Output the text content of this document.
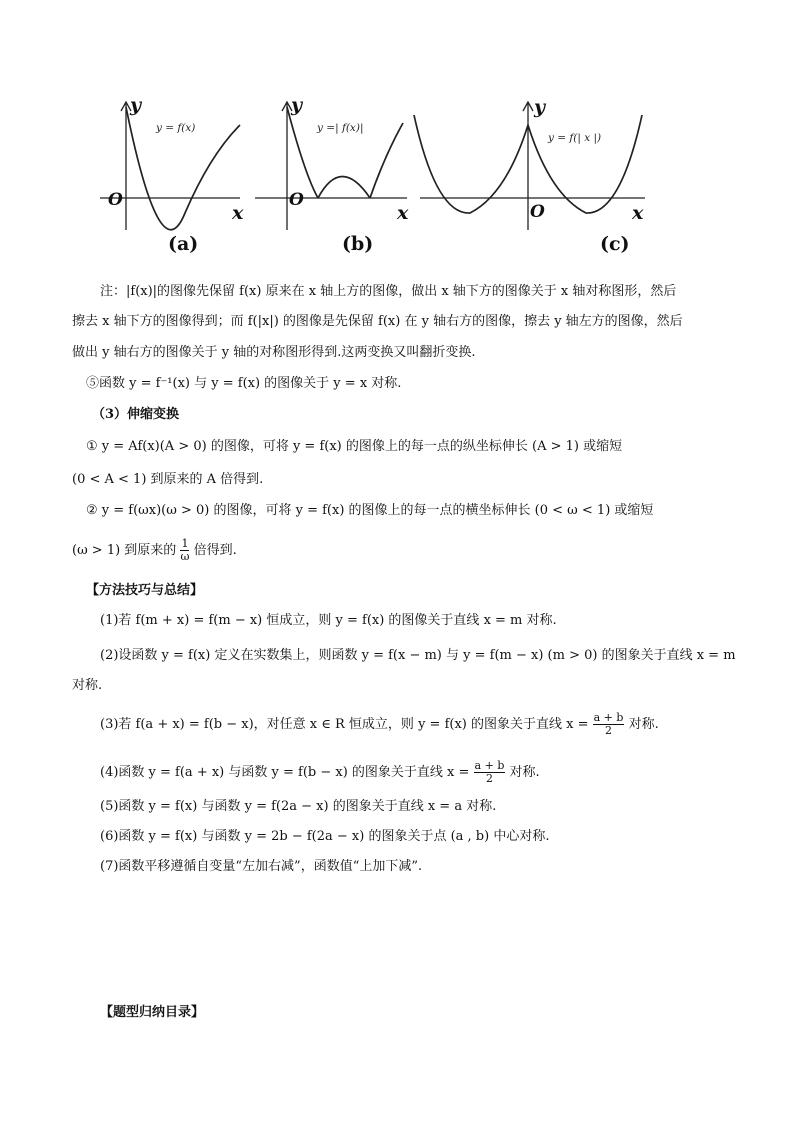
y
x
O
y = f(x)
(a)
y
x
O
y =| f(x)|
(b)
y
x
O
y = f(| x |)
(c)
注：|f(x)|的图像先保留 f(x) 原来在 x 轴上方的图像，做出 x 轴下方的图像关于 x 轴对称图形，然后
擦去 x 轴下方的图像得到；而 f(|x|) 的图像是先保留 f(x) 在 y 轴右方的图像，擦去 y 轴左方的图像，然后
做出 y 轴右方的图像关于 y 轴的对称图形得到.这两变换又叫翻折变换.
⑤函数 y = f⁻¹(x) 与 y = f(x) 的图像关于 y = x 对称.
（3）伸缩变换
① y = Af(x)(A > 0) 的图像，可将 y = f(x) 的图像上的每一点的纵坐标伸长 (A > 1) 或缩短
(0 < A < 1) 到原来的 A 倍得到.
② y = f(ωx)(ω > 0) 的图像，可将 y = f(x) 的图像上的每一点的横坐标伸长 (0 < ω < 1) 或缩短
(ω > 1) 到原来的 $\frac{1}{\omega}$ 倍得到.
【方法技巧与总结】
(1)若 f(m + x) = f(m − x) 恒成立，则 y = f(x) 的图像关于直线 x = m 对称.
(2)设函数 y = f(x) 定义在实数集上，则函数 y = f(x − m) 与 y = f(m − x) (m > 0) 的图象关于直线 x = m
对称.
(3)若 f(a + x) = f(b − x)，对任意 x ∈ R 恒成立，则 y = f(x) 的图象关于直线 $x = \frac{a + b}{2}$ 对称.
(4)函数 y = f(a + x) 与函数 y = f(b − x) 的图象关于直线 $x = \frac{a + b}{2}$ 对称.
(5)函数 y = f(x) 与函数 y = f(2a − x) 的图象关于直线 x = a 对称.
(6)函数 y = f(x) 与函数 y = 2b − f(2a − x) 的图象关于点 (a , b) 中心对称.
(7)函数平移遵循自变量“左加右减”，函数值“上加下减”.
【题型归纳目录】
